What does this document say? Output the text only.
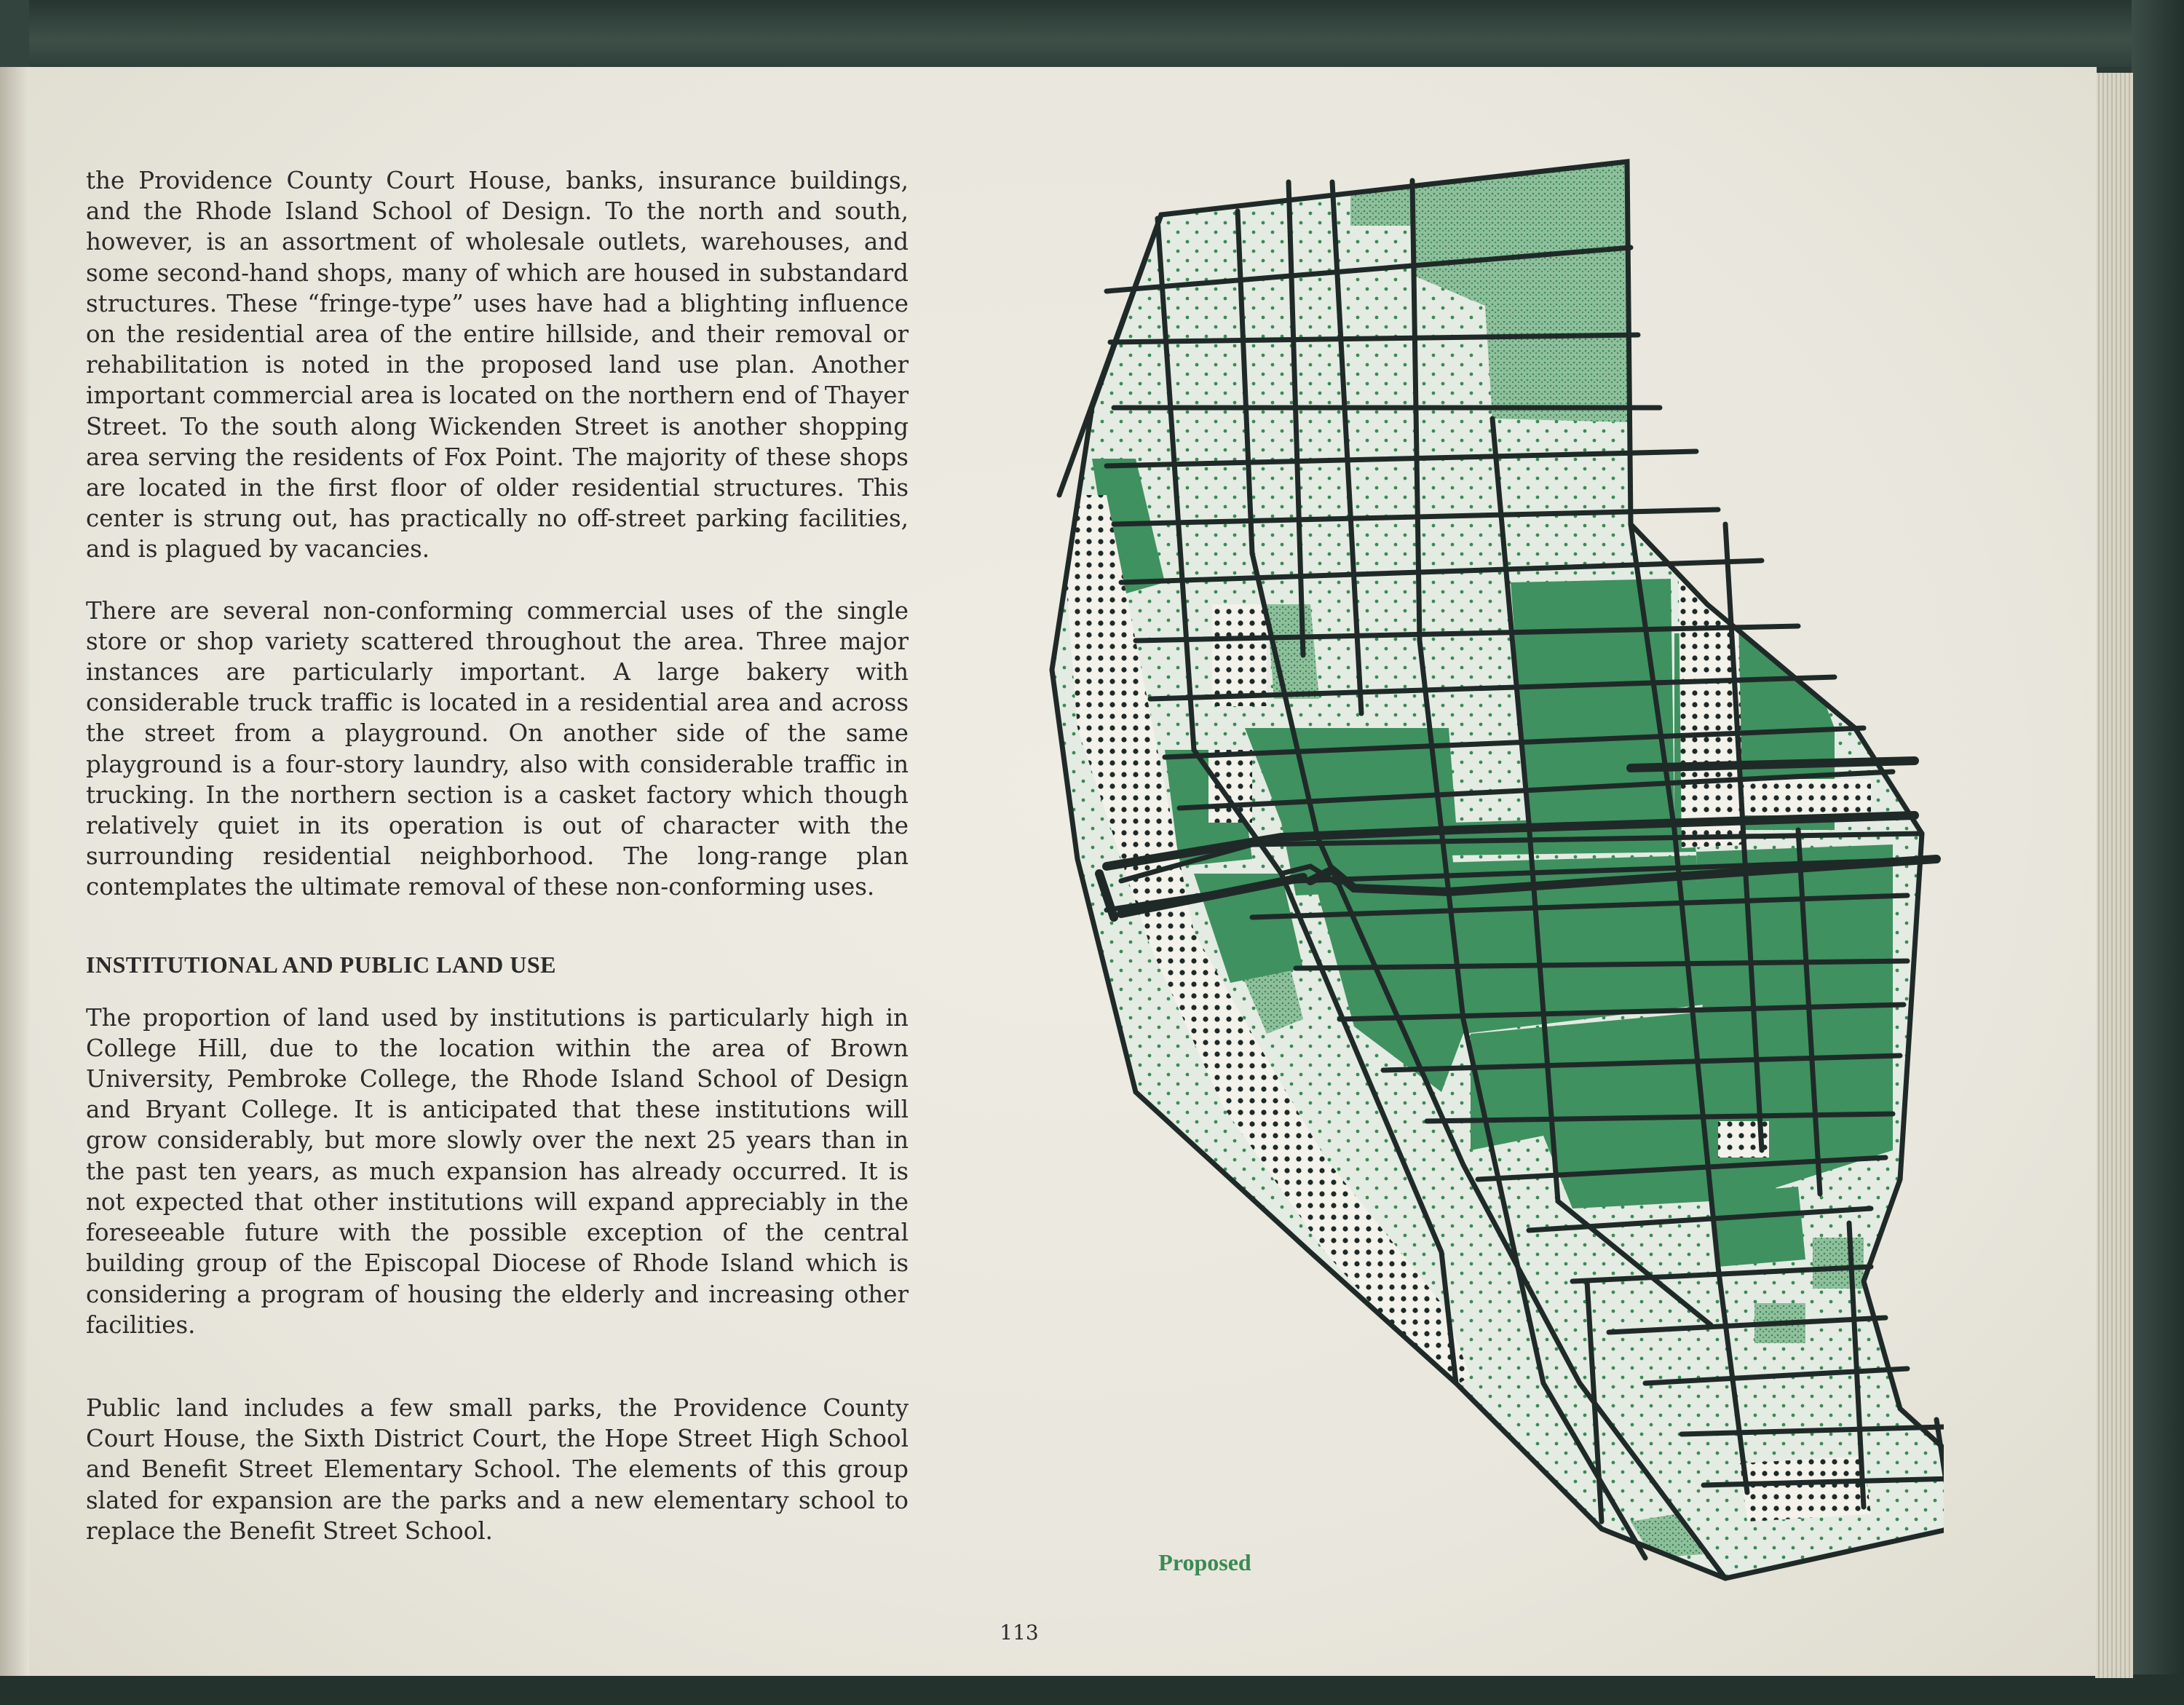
the Providence County Court House, banks, insurance buildings, and the Rhode Island School of Design. To the north and south, however, is an assortment of wholesale outlets, warehouses, and some second-hand shops, many of which are housed in substandard structures. These “fringe-type” uses have had a blighting influence on the residential area of the entire hillside, and their removal or rehabilitation is noted in the proposed land use plan. Another important commercial area is located on the northern end of Thayer Street. To the south along Wickenden Street is another shopping area serving the residents of Fox Point. The majority of these shops are located in the first floor of older residential structures. This center is strung out, has practically no off-street parking facilities, and is plagued by vacancies.

There are several non-conforming commercial uses of the single store or shop variety scattered throughout the area. Three major instances are particularly important. A large bakery with considerable truck traffic is located in a residential area and across the street from a playground. On another side of the same playground is a four-story laundry, also with considerable traffic in trucking. In the northern section is a casket factory which though relatively quiet in its operation is out of character with the surrounding residential neighborhood. The long-range plan contemplates the ultimate removal of these non-conforming uses.

INSTITUTIONAL AND PUBLIC LAND USE

The proportion of land used by institutions is particularly high in College Hill, due to the location within the area of Brown University, Pembroke College, the Rhode Island School of Design and Bryant College. It is anticipated that these institutions will grow considerably, but more slowly over the next 25 years than in the past ten years, as much expansion has already occurred. It is not expected that other institutions will expand appreciably in the foreseeable future with the possible exception of the central building group of the Episcopal Diocese of Rhode Island which is considering a program of housing the elderly and increasing other facilities.

Public land includes a few small parks, the Providence County Court House, the Sixth District Court, the Hope Street High School and Benefit Street Elementary School. The elements of this group slated for expansion are the parks and a new elementary school to replace the Benefit Street School.

Proposed
113
